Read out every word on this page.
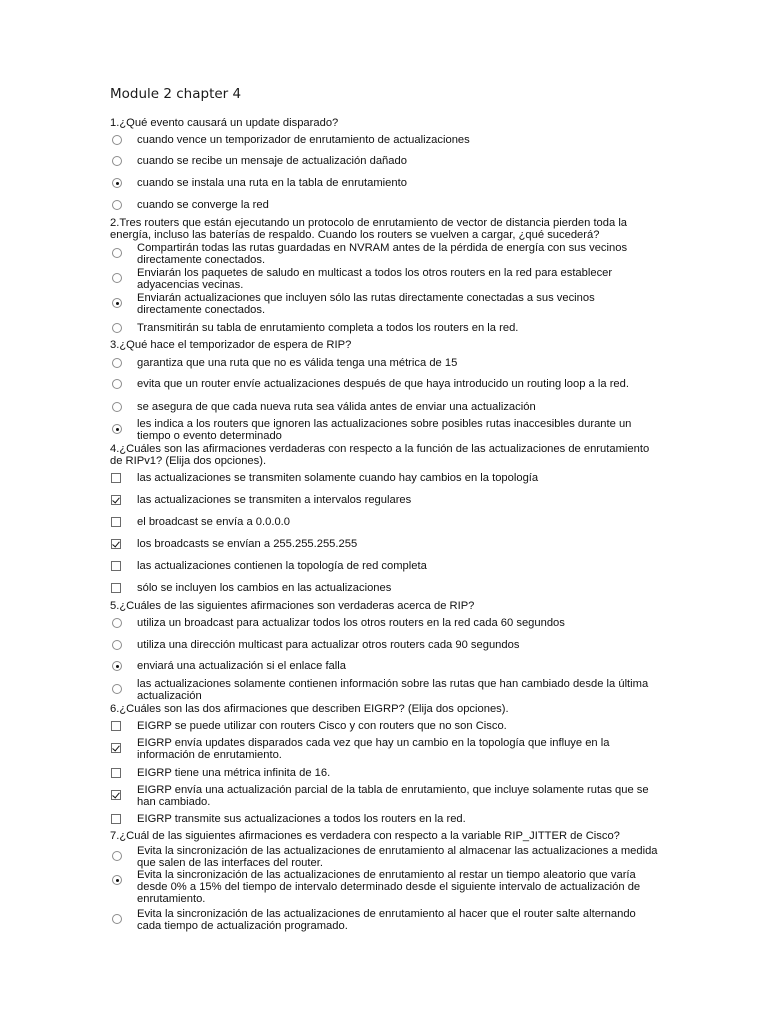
Module 2 chapter 4
1.¿Qué evento causará un update disparado?
cuando vence un temporizador de enrutamiento de actualizaciones
cuando se recibe un mensaje de actualización dañado
cuando se instala una ruta en la tabla de enrutamiento
cuando se converge la red
2.Tres routers que están ejecutando un protocolo de enrutamiento de vector de distancia pierden toda la energía, incluso las baterías de respaldo. Cuando los routers se vuelven a cargar, ¿qué sucederá?
Compartirán todas las rutas guardadas en NVRAM antes de la pérdida de energía con sus vecinos directamente conectados.
Enviarán los paquetes de saludo en multicast a todos los otros routers en la red para establecer adyacencias vecinas.
Enviarán actualizaciones que incluyen sólo las rutas directamente conectadas a sus vecinos directamente conectados.
Transmitirán su tabla de enrutamiento completa a todos los routers en la red.
3.¿Qué hace el temporizador de espera de RIP?
garantiza que una ruta que no es válida tenga una métrica de 15
evita que un router envíe actualizaciones después de que haya introducido un routing loop a la red.
se asegura de que cada nueva ruta sea válida antes de enviar una actualización
les indica a los routers que ignoren las actualizaciones sobre posibles rutas inaccesibles durante un tiempo o evento determinado
4.¿Cuáles son las afirmaciones verdaderas con respecto a la función de las actualizaciones de enrutamiento de RIPv1? (Elija dos opciones).
las actualizaciones se transmiten solamente cuando hay cambios en la topología
las actualizaciones se transmiten a intervalos regulares
el broadcast se envía a 0.0.0.0
los broadcasts se envían a 255.255.255.255
las actualizaciones contienen la topología de red completa
sólo se incluyen los cambios en las actualizaciones
5.¿Cuáles de las siguientes afirmaciones son verdaderas acerca de RIP?
utiliza un broadcast para actualizar todos los otros routers en la red cada 60 segundos
utiliza una dirección multicast para actualizar otros routers cada 90 segundos
enviará una actualización si el enlace falla
las actualizaciones solamente contienen información sobre las rutas que han cambiado desde la última actualización
6.¿Cuáles son las dos afirmaciones que describen EIGRP? (Elija dos opciones).
EIGRP se puede utilizar con routers Cisco y con routers que no son Cisco.
EIGRP envía updates disparados cada vez que hay un cambio en la topología que influye en la información de enrutamiento.
EIGRP tiene una métrica infinita de 16.
EIGRP envía una actualización parcial de la tabla de enrutamiento, que incluye solamente rutas que se han cambiado.
EIGRP transmite sus actualizaciones a todos los routers en la red.
7.¿Cuál de las siguientes afirmaciones es verdadera con respecto a la variable RIP_JITTER de Cisco?
Evita la sincronización de las actualizaciones de enrutamiento al almacenar las actualizaciones a medida que salen de las interfaces del router.
Evita la sincronización de las actualizaciones de enrutamiento al restar un tiempo aleatorio que varía desde 0% a 15% del tiempo de intervalo determinado desde el siguiente intervalo de actualización de enrutamiento.
Evita la sincronización de las actualizaciones de enrutamiento al hacer que el router salte alternando cada tiempo de actualización programado.
